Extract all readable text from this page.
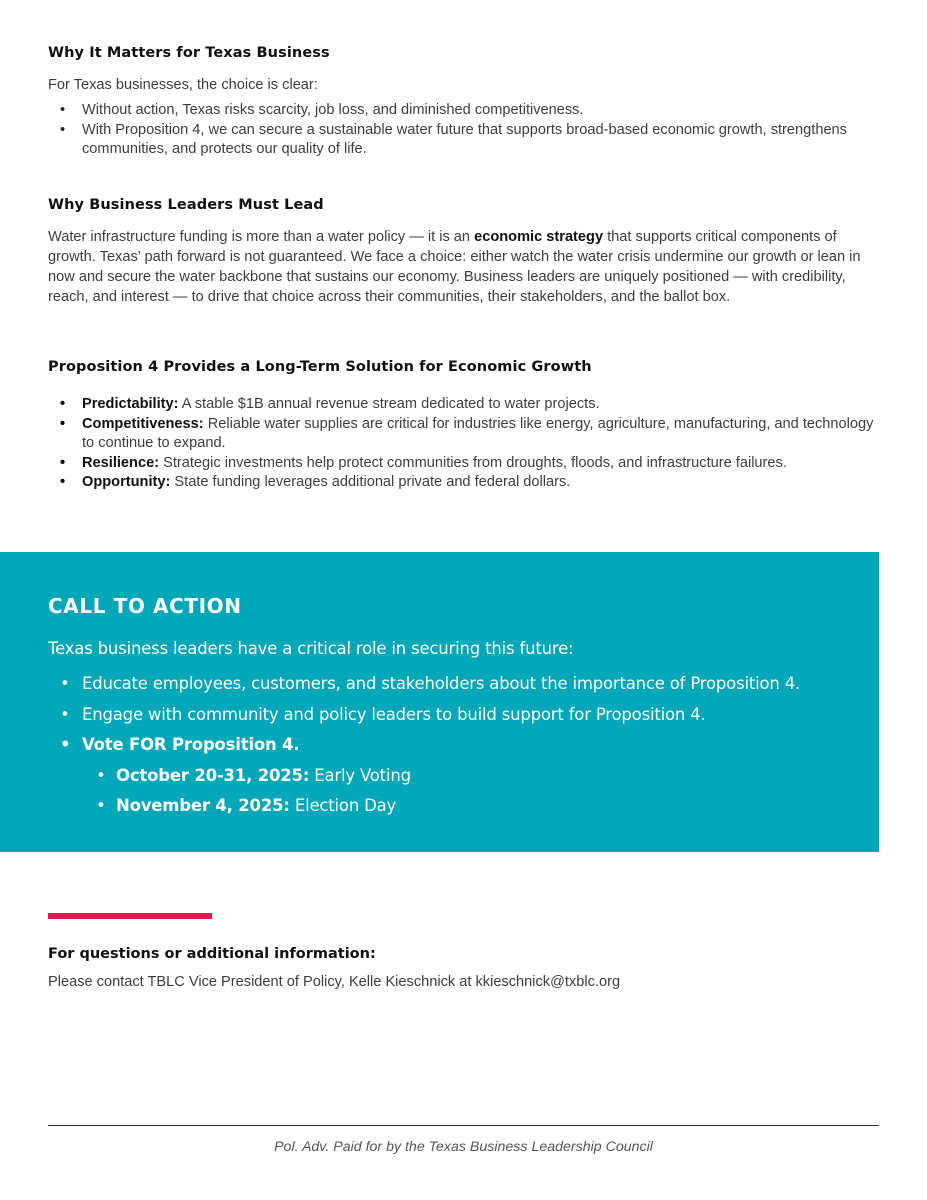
Why It Matters for Texas Business

For Texas businesses, the choice is clear:

• Without action, Texas risks scarcity, job loss, and diminished competitiveness.
• With Proposition 4, we can secure a sustainable water future that supports broad-based economic growth, strengthens communities, and protects our quality of life.
Why Business Leaders Must Lead

Water infrastructure funding is more than a water policy — it is an economic strategy that supports critical components of growth. Texas’ path forward is not guaranteed. We face a choice: either watch the water crisis undermine our growth or lean in now and secure the water backbone that sustains our economy. Business leaders are uniquely positioned — with credibility, reach, and interest — to drive that choice across their communities, their stakeholders, and the ballot box.

Proposition 4 Provides a Long-Term Solution for Economic Growth
• Predictability: A stable $1B annual revenue stream dedicated to water projects.
• Competitiveness: Reliable water supplies are critical for industries like energy, agriculture, manufacturing, and technology to continue to expand.
• Resilience: Strategic investments help protect communities from droughts, floods, and infrastructure failures.
• Opportunity: State funding leverages additional private and federal dollars.
CALL TO ACTION

Texas business leaders have a critical role in securing this future:

• Educate employees, customers, and stakeholders about the importance of Proposition 4.
• Engage with community and policy leaders to build support for Proposition 4.
• Vote FOR Proposition 4.
• October 20-31, 2025: Early Voting
• November 4, 2025: Election Day
For questions or additional information:

Please contact TBLC Vice President of Policy, Kelle Kieschnick at kkieschnick@txblc.org

Pol. Adv. Paid for by the Texas Business Leadership Council
